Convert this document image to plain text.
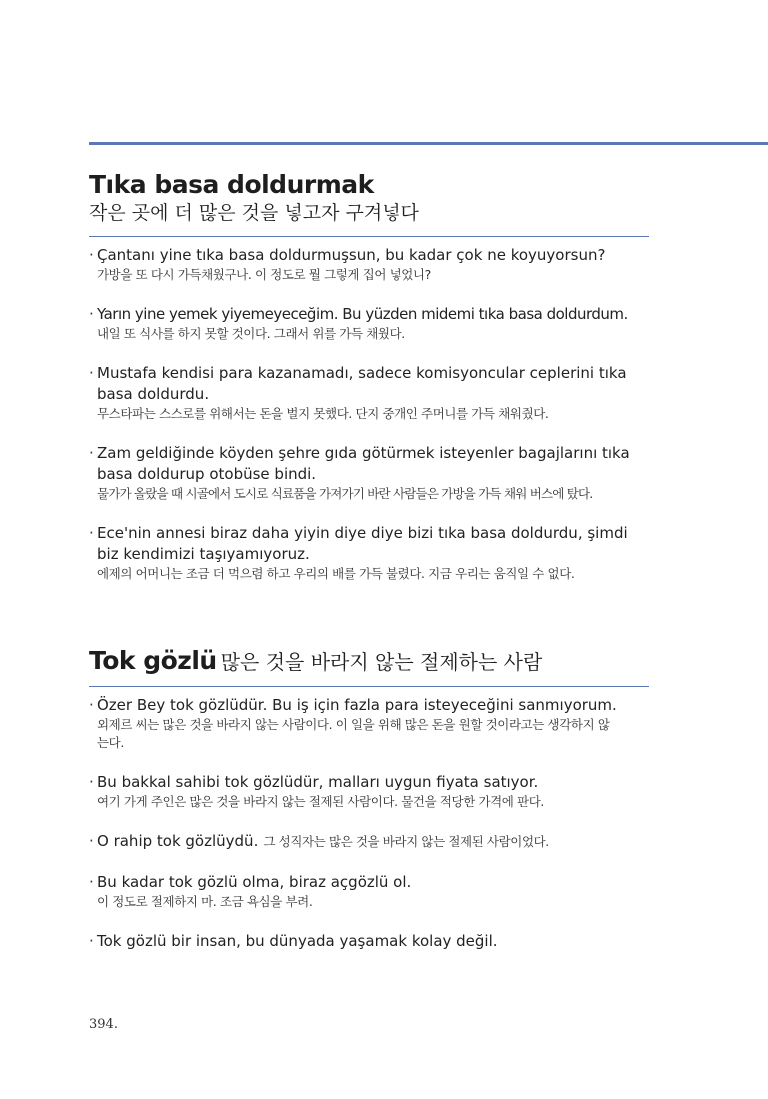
Tıka basa doldurmak
작은 곳에 더 많은 것을 넣고자 구겨넣다
· Çantanı yine tıka basa doldurmuşsun, bu kadar çok ne koyuyorsun?
가방을 또 다시 가득채웠구나. 이 정도로 뭘 그렇게 집어 넣었니?
· Yarın yine yemek yiyemeyeceğim. Bu yüzden midemi tıka basa doldurdum.
내일 또 식사를 하지 못할 것이다. 그래서 위를 가득 채웠다.
· Mustafa kendisi para kazanamadı, sadece komisyoncular ceplerini tıka basa doldurdu.
무스타파는 스스로를 위해서는 돈을 벌지 못했다. 단지 중개인 주머니를 가득 채워줬다.
· Zam geldiğinde köyden şehre gıda götürmek isteyenler bagajlarını tıka basa doldurup otobüse bindi.
물가가 올랐을 때 시골에서 도시로 식료품을 가져가기 바란 사람들은 가방을 가득 채워 버스에 탔다.
· Ece'nin annesi biraz daha yiyin diye diye bizi tıka basa doldurdu, şimdi biz kendimizi taşıyamıyoruz.
에제의 어머니는 조금 더 먹으렴 하고 우리의 배를 가득 불렸다. 지금 우리는 움직일 수 없다.
Tok gözlü 많은 것을 바라지 않는 절제하는 사람
· Özer Bey tok gözlüdür. Bu iş için fazla para isteyeceğini sanmıyorum.
외제르 씨는 많은 것을 바라지 않는 사람이다. 이 일을 위해 많은 돈을 원할 것이라고는 생각하지 않는다.
· Bu bakkal sahibi tok gözlüdür, malları uygun fiyata satıyor.
여기 가게 주인은 많은 것을 바라지 않는 절제된 사람이다. 물건을 적당한 가격에 판다.
· O rahip tok gözlüydü. 그 성직자는 많은 것을 바라지 않는 절제된 사람이었다.
· Bu kadar tok gözlü olma, biraz açgözlü ol.
이 정도로 절제하지 마. 조금 욕심을 부려.
· Tok gözlü bir insan, bu dünyada yaşamak kolay değil.
394.
